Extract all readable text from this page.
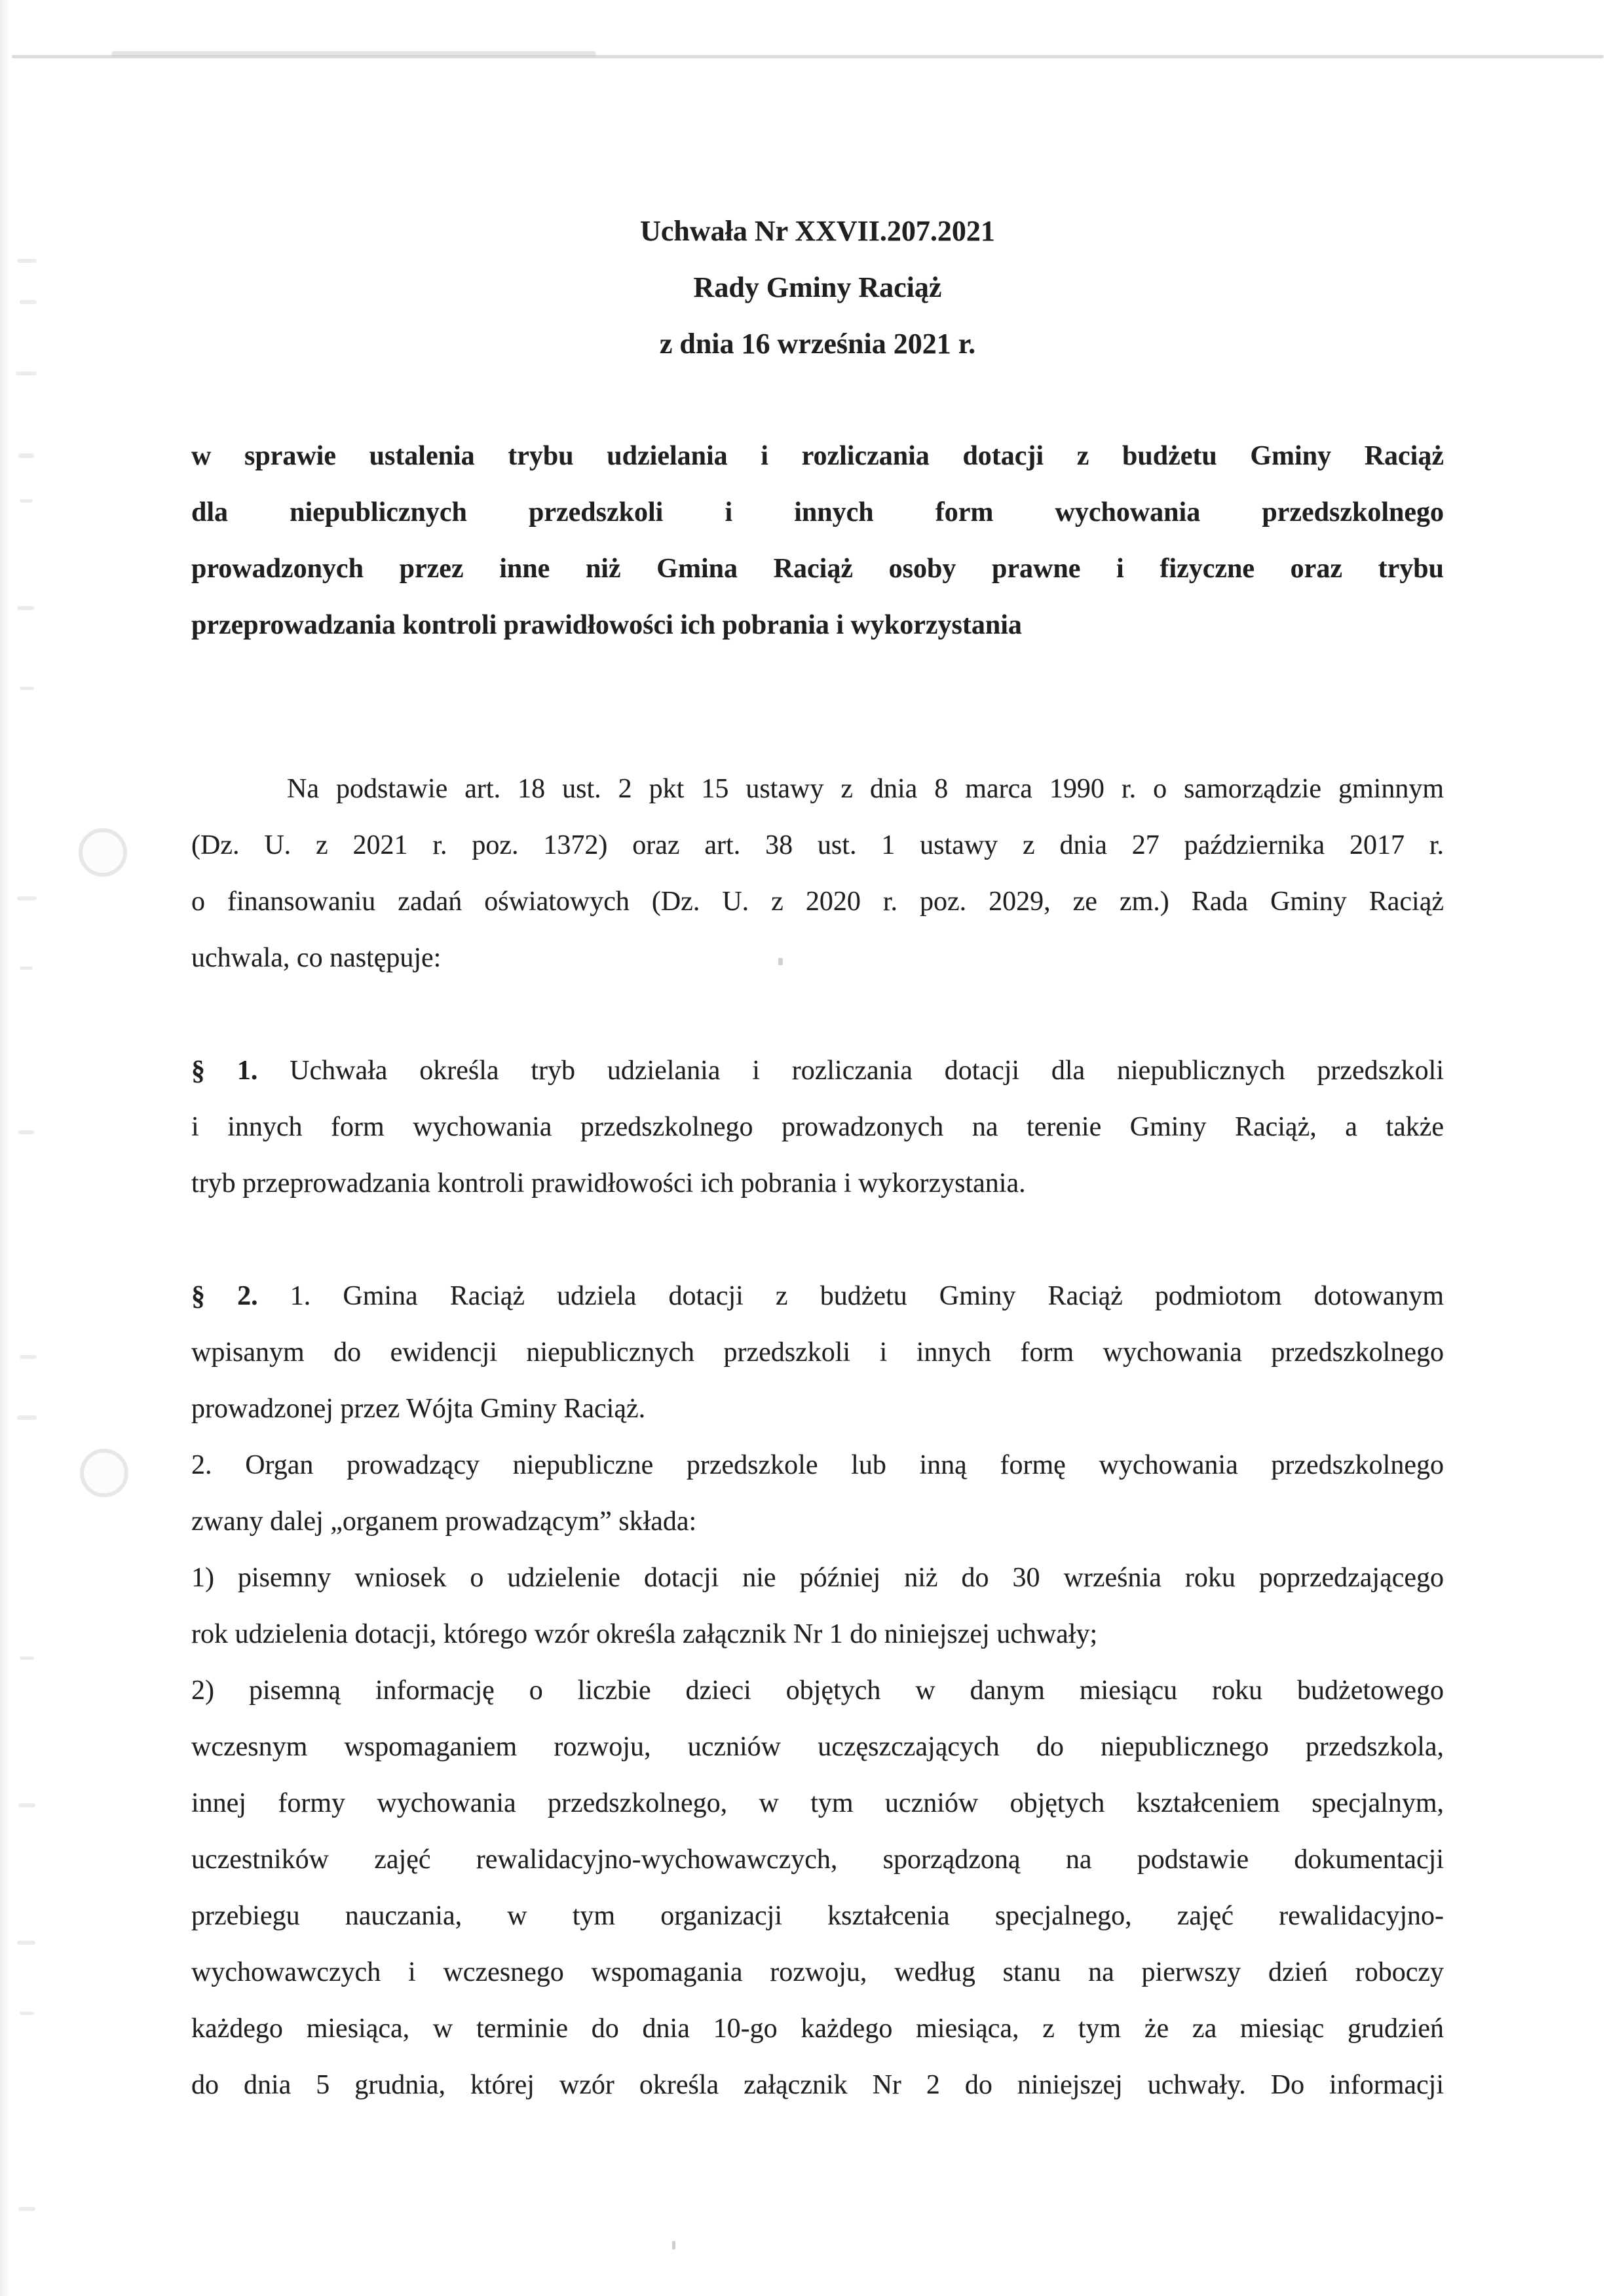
Uchwała Nr XXVII.207.2021
Rady Gminy Raciąż
z dnia 16 września 2021 r.
w sprawie ustalenia trybu udzielania i rozliczania dotacji z budżetu Gminy Raciąż
dla niepublicznych przedszkoli i innych form wychowania przedszkolnego
prowadzonych przez inne niż Gmina Raciąż osoby prawne i fizyczne oraz trybu
przeprowadzania kontroli prawidłowości ich pobrania i wykorzystania
Na podstawie art. 18 ust. 2 pkt 15 ustawy z dnia 8 marca 1990 r. o samorządzie gminnym
(Dz. U. z 2021 r. poz. 1372) oraz art. 38 ust. 1 ustawy z dnia 27 października 2017 r.
o finansowaniu zadań oświatowych (Dz. U. z 2020 r. poz. 2029, ze zm.) Rada Gminy Raciąż
uchwala, co następuje:
§ 1. Uchwała określa tryb udzielania i rozliczania dotacji dla niepublicznych przedszkoli
i innych form wychowania przedszkolnego prowadzonych na terenie Gminy Raciąż, a także
tryb przeprowadzania kontroli prawidłowości ich pobrania i wykorzystania.
§ 2. 1. Gmina Raciąż udziela dotacji z budżetu Gminy Raciąż podmiotom dotowanym
wpisanym do ewidencji niepublicznych przedszkoli i innych form wychowania przedszkolnego
prowadzonej przez Wójta Gminy Raciąż.
2. Organ prowadzący niepubliczne przedszkole lub inną formę wychowania przedszkolnego
zwany dalej „organem prowadzącym” składa:
1) pisemny wniosek o udzielenie dotacji nie później niż do 30 września roku poprzedzającego
rok udzielenia dotacji, którego wzór określa załącznik Nr 1 do niniejszej uchwały;
2) pisemną informację o liczbie dzieci objętych w danym miesiącu roku budżetowego
wczesnym wspomaganiem rozwoju, uczniów uczęszczających do niepublicznego przedszkola,
innej formy wychowania przedszkolnego, w tym uczniów objętych kształceniem specjalnym,
uczestników zajęć rewalidacyjno-wychowawczych, sporządzoną na podstawie dokumentacji
przebiegu nauczania, w tym organizacji kształcenia specjalnego, zajęć rewalidacyjno-
wychowawczych i wczesnego wspomagania rozwoju, według stanu na pierwszy dzień roboczy
każdego miesiąca, w terminie do dnia 10-go każdego miesiąca, z tym że za miesiąc grudzień
do dnia 5 grudnia, której wzór określa załącznik Nr 2 do niniejszej uchwały. Do informacji
